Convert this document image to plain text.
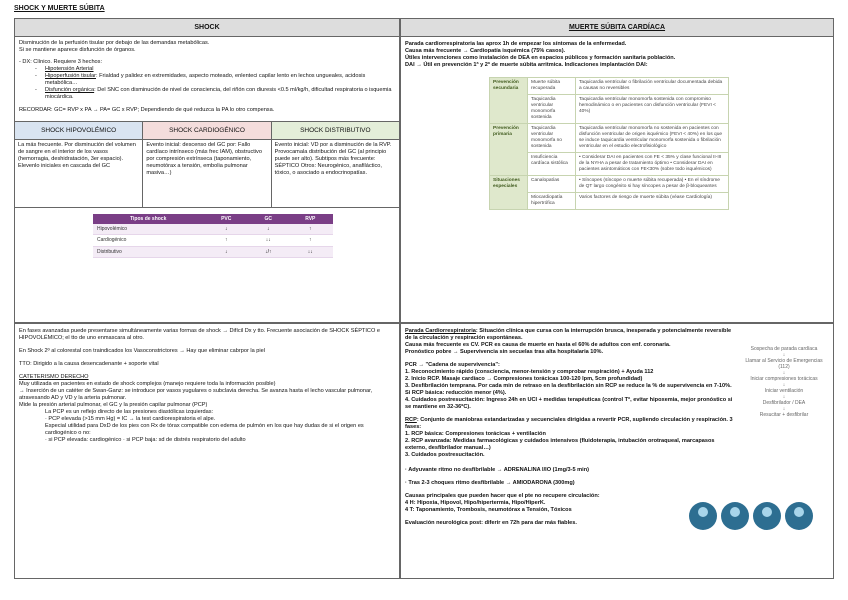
SHOCK Y MUERTE SÚBITA
SHOCK

Disminución de la perfusión tisular por debajo de las demandas metabólicas.

Si se mantiene aparece disfunción de órganos.

- DX: Clínico. Requiere 3 hechos:

- Hipotensión Arterial
- Hipoperfusión tisular: Frialdad y palidez en extremidades, aspecto moteado, enlenteci capilar lento en lechos ungueales, acidosis metabólica…
- Disfunción orgánica: Del SNC con disminución de nivel de consciencia, del riñón con diuresis <0.5 ml/kg/h, dificultad respiratoria o isquemia miocárdica.

RECORDAR: GC= RVP x PA → PA= GC x RVP; Dependiendo de qué reduzca la PA lo otro compensa.

SHOCK HIPOVOLÉMICO
La más frecuente. Por disminución del volumen de sangre en el interior de los vasos (hemorragia, deshidratación, 3er espacio). Elevenlo iniciales en cascada del GC
SHOCK CARDIOGÉNICO
Evento inicial: descenso del GC por: Fallo cardíaco intrínseco (más frec IAM), obstructivo por compresión extrínseca (taponamiento, neumotórax a tensión, embolia pulmonar masiva…)
SHOCK DISTRIBUTIVO
Evento inicial: VD por a disminución de la RVP. Provocamala distribución del GC (al principio puede ser alto). Subtipos más frecuente: SÉPTICO Otros: Neurogénico, anafiláctico, tóxico, o asociado a endocrinopatías.
Tipos de shock	PVC	GC	RVP
Hipovolémico	↓	↓	↑
Cardiogénico	↑	↓↓	↑
Distributivo	↓	↓/↑	↓↓

En fases avanzadas puede presentarse simultáneamente varias formas de shock → Difícil Dx y tto. Frecuente asociación de SHOCK SÉPTICO e HIPOVOLÉMICO; el tto de uno enmascara al otro.

En Shock 2º al colorestal con traindicados los Vasoconstrictores → Hay que eliminar cabrpor la piel

TTO: Dirigido a la causa desencadenante + soporte vital

CATETERISMO DERECHO

Muy utilizada en pacientes en estado de shock complejos (manejo requiere toda la información posible)

→ Inserción de un catéter de Swan-Ganz: se introduce por vasos yugulares o subclavia derecha. Se avanza hasta el lecho vascular pulmonar, atravesando AD y VD y la arteria pulmonar.

Mide la presión arterial pulmonar, el GC y la presión capilar pulmonar (PCP)

La PCP es un reflejo directo de las presiones diastólicas izquierdas:

· PCP elevada (>15 mm Hg) = IC → la test cardiorespiratoria el alpe.

Especial utilidad para DxD de los pies con Rx de tórax compatible con edema de pulmón en los que hay dudas de si el origen es cardiogénico o no:

· si PCP elevada: cardiogénico · si PCP baja: sd de distrés respiratorio del adulto

MUERTE SÚBITA CARDÍACA

Parada cardiorrespiratoria las aprox 1h de empezar los síntomas de la enfermedad.

Causa más frecuente → Cardiopatía isquémica (75% casos).

Útiles intervenciones como instalación de DEA en espacios públicos y formación sanitaria población.

DAI → Útil en prevención 1ª y 2ª de muerte súbita arritmica. Indicaciones implantación DAI:

Prevención secundaria	Muerte súbita recuperada	Taquicardia ventricular o fibrilación ventricular documentada debida a causas no reversibles
	Taquicardia ventricular monomorfa sostenida	Taquicardia ventricular monomorfa sostenida con compromiso hemodinámico o en pacientes con disfunción ventricular (FEVI < 40%)
Prevención primaria	Taquicardia ventricular monomorfa no sostenida	Taquicardia ventricular monomorfa no sostenida en pacientes con disfunción ventricular de origen isquémico (FEVI < 40%) en los que se induce taquicardia ventricular monomorfa sostenida o fibrilación ventricular en el estudio electrofisiológico
	Insuficiencia cardíaca sistólica	• Considerar DAI en pacientes con FE < 35% y clase funcional II-III de la NYHA a pesar de tratamiento óptimo • Considerar DAI en pacientes asintomáticos con FE<30% (sobre todo isquémicos)
Situaciones especiales	Canalopatías	• Síncopes (síncope o muerte súbita recuperada) • En el síndrome de QT largo congénito si hay síncopes a pesar de β-bloqueantes
	Miocardiopatía hipertrófica	Varios factores de riesgo de muerte súbita (véase Cardiología)

Parada Cardiorrespiratoria: Situación clínica que cursa con la interrupción brusca, inesperada y potencialmente reversible de la circulación y respiración espontáneas.

Causa más frecuente es CV. PCR es causa de muerte en hasta el 60% de adultos con enf. coronaria.

Pronóstico pobre → Supervivencia sin secuelas tras alta hospitalaria 10%.

PCR → "Cadena de supervivencia":

1. Reconocimiento rápido (consciencia, menor-tensión y comprobar respiración) + Ayuda 112

2. Inicio RCP. Masaje cardíaco → Compresiones torácicas 100-120 lpm, 5cm profundidad)

3. Desfibrilación temprana. Por cada min de retraso en la desfibrilación sin RCP se reduce la % de supervivencia en 7-10%. Si RCP básica: reducción menor (4%).

4. Cuidados postresucitación: Ingreso 24h en UCI + medidas terapéuticas (control Tª, evitar hipoxemia, mejor pronóstico si se mantiene en 32-36ºC).

RCP: Conjunto de maniobras estandarizadas y secuenciales dirigidas a revertir PCR, supliendo circulación y respiración. 3 fases:

1. RCP básica: Compresiones torácicas + ventilación

2. RCP avanzada: Medidas farmacológicas y cuidados intensivos (fluidoterapia, intubación orotraqueal, marcapasos externo, desfibrilador manual…)

3. Cuidados postresucitación.

· Adyuvante ritmo no desfibrilable → ADRENALINA I/IO (1mg/3-5 min)

· Tras 2-3 choques ritmo desfibrilable → AMIODARONA (300mg)

Causas principales que pueden hacer que el pte no recupere circulación:

4 H: Hipoxia, Hipovol, Hipo/hipertermia, Hipo/HiperK.

4 T: Taponamiento, Trombosis, neumotórax a Tensión, Tóxicos

Evaluación neurológica post: diferir en 72h para dar más fiables.

Sospecha de parada cardíaca
↓
Llamar al Servicio de Emergencias (112)
↓
Iniciar compresiones torácicas
↓
Iniciar ventilación
↓
Desfibrilador / DEA
↓
Resucitar + desfibrilar
